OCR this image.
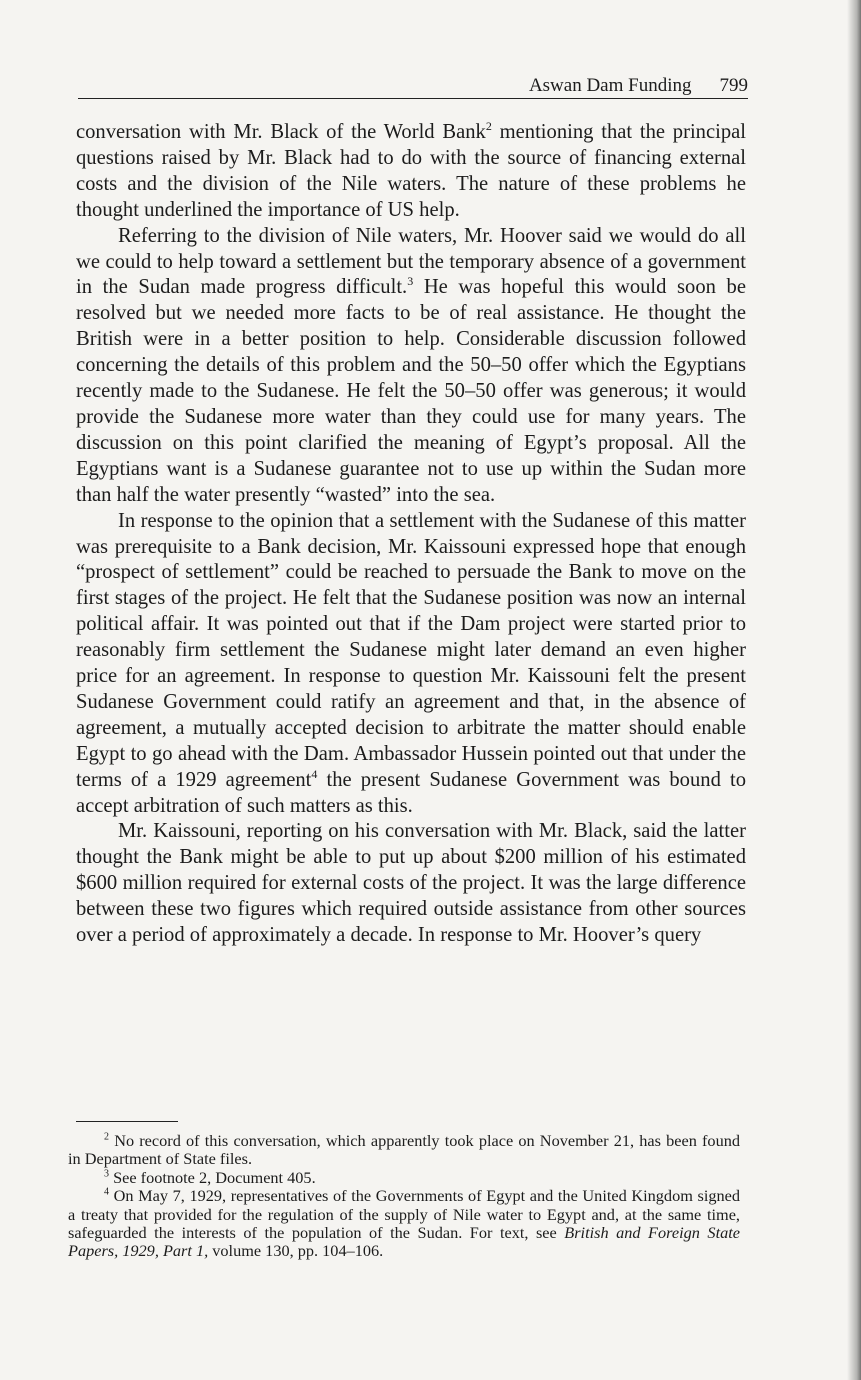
Aswan Dam Funding 799

conversation with Mr. Black of the World Bank$^2$ mentioning that the principal questions raised by Mr. Black had to do with the source of financing external costs and the division of the Nile waters. The nature of these problems he thought underlined the importance of US help.

Referring to the division of Nile waters, Mr. Hoover said we would do all we could to help toward a settlement but the temporary absence of a government in the Sudan made progress difficult.$^3$ He was hopeful this would soon be resolved but we needed more facts to be of real assistance. He thought the British were in a better position to help. Considerable discussion followed concerning the details of this problem and the 50–50 offer which the Egyptians recently made to the Sudanese. He felt the 50–50 offer was generous; it would provide the Sudanese more water than they could use for many years. The discussion on this point clarified the meaning of Egypt’s proposal. All the Egyptians want is a Sudanese guarantee not to use up within the Sudan more than half the water presently “wasted” into the sea.

In response to the opinion that a settlement with the Sudanese of this matter was prerequisite to a Bank decision, Mr. Kaissouni expressed hope that enough “prospect of settlement” could be reached to persuade the Bank to move on the first stages of the project. He felt that the Sudanese position was now an internal political affair. It was pointed out that if the Dam project were started prior to reasonably firm settlement the Sudanese might later demand an even higher price for an agreement. In response to question Mr. Kaissouni felt the present Sudanese Government could ratify an agreement and that, in the absence of agreement, a mutually accepted decision to arbitrate the matter should enable Egypt to go ahead with the Dam. Ambassador Hussein pointed out that under the terms of a 1929 agreement$^4$ the present Sudanese Government was bound to accept arbitration of such matters as this.

Mr. Kaissouni, reporting on his conversation with Mr. Black, said the latter thought the Bank might be able to put up about $200 million of his estimated $600 million required for external costs of the project. It was the large difference between these two figures which required outside assistance from other sources over a period of approximately a decade. In response to Mr. Hoover’s query

$^2$ No record of this conversation, which apparently took place on November 21, has been found in Department of State files.

$^3$ See footnote 2, Document 405.

$^4$ On May 7, 1929, representatives of the Governments of Egypt and the United Kingdom signed a treaty that provided for the regulation of the supply of Nile water to Egypt and, at the same time, safeguarded the interests of the population of the Sudan. For text, see British and Foreign State Papers, 1929, Part 1, volume 130, pp. 104–106.
